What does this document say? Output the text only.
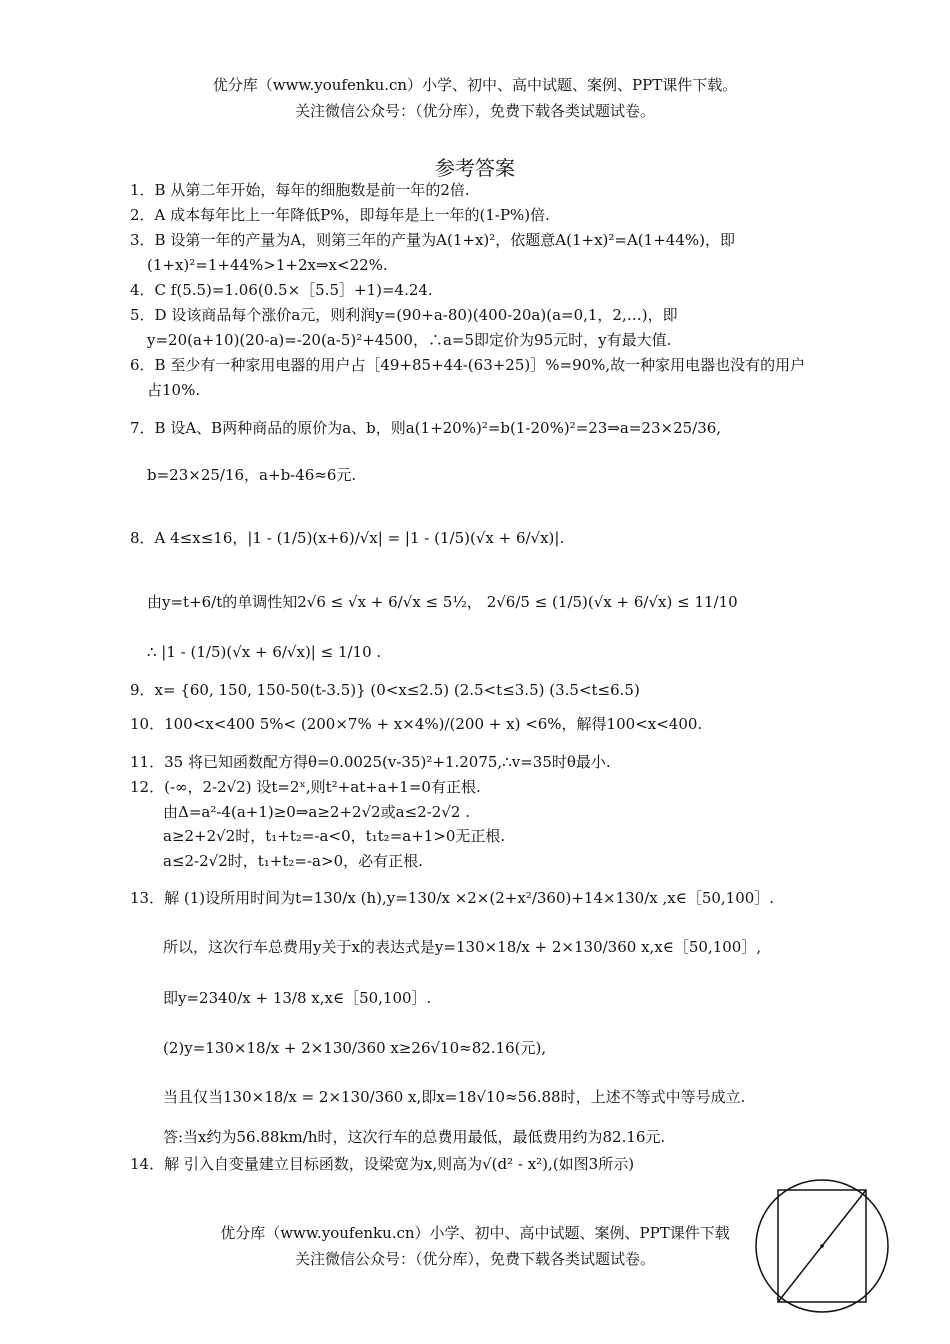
优分库（www.youfenku.cn）小学、初中、高中试题、案例、PPT课件下载。
关注微信公众号：（优分库），免费下载各类试题试卷。
参考答案
1．B 从第二年开始，每年的细胞数是前一年的2倍.
2．A 成本每年比上一年降低P%，即每年是上一年的(1-P%)倍.
3．B 设第一年的产量为A，则第三年的产量为A(1+x)²，依题意A(1+x)²=A(1+44%)，即
(1+x)²=1+44%>1+2x⇒x<22%.
4．C f(5.5)=1.06(0.5×［5.5］+1)=4.24.
5．D 设该商品每个涨价a元，则利润y=(90+a-80)(400-20a)(a=0,1，2,…)，即
y=20(a+10)(20-a)=-20(a-5)²+4500，∴a=5即定价为95元时，y有最大值.
6．B 至少有一种家用电器的用户占［49+85+44-(63+25)］%=90%,故一种家用电器也没有的用户
占10%.
7．B 设A、B两种商品的原价为a、b，则a(1+20%)²=b(1-20%)²=23⇒a=23×25/36,
b=23×25/16，a+b-46≈6元.
8．A 4≤x≤16，|1 - (1/5)(x+6)/√x| = |1 - (1/5)(√x + 6/√x)|.
由y=t+6/t的单调性知2√6 ≤ √x + 6/√x ≤ 5½， 2√6/5 ≤ (1/5)(√x + 6/√x) ≤ 11/10
∴ |1 - (1/5)(√x + 6/√x)| ≤ 1/10 .
9．x= {60, 150, 150-50(t-3.5)} (0<x≤2.5) (2.5<t≤3.5) (3.5<t≤6.5)
10．100<x<400 5%< (200×7% + x×4%)/(200 + x) <6%，解得100<x<400.
11．35 将已知函数配方得θ=0.0025(v-35)²+1.2075,∴v=35时θ最小.
12．(-∞，2-2√2) 设t=2ˣ,则t²+at+a+1=0有正根.
由Δ=a²-4(a+1)≥0⇒a≥2+2√2或a≤2-2√2 .
a≥2+2√2时，t₁+t₂=-a<0，t₁t₂=a+1>0无正根.
a≤2-2√2时，t₁+t₂=-a>0，必有正根.
13．解 (1)设所用时间为t=130/x (h),y=130/x ×2×(2+x²/360)+14×130/x ,x∈［50,100］.
所以，这次行车总费用y关于x的表达式是y=130×18/x + 2×130/360 x,x∈［50,100］,
即y=2340/x + 13/8 x,x∈［50,100］.
(2)y=130×18/x + 2×130/360 x≥26√10≈82.16(元),
当且仅当130×18/x = 2×130/360 x,即x=18√10≈56.88时，上述不等式中等号成立.
答:当x约为56.88km/h时，这次行车的总费用最低，最低费用约为82.16元.
14．解 引入自变量建立目标函数，设梁宽为x,则高为√(d² - x²),(如图3所示)
优分库（www.youfenku.cn）小学、初中、高中试题、案例、PPT课件下载
关注微信公众号：（优分库），免费下载各类试题试卷。
